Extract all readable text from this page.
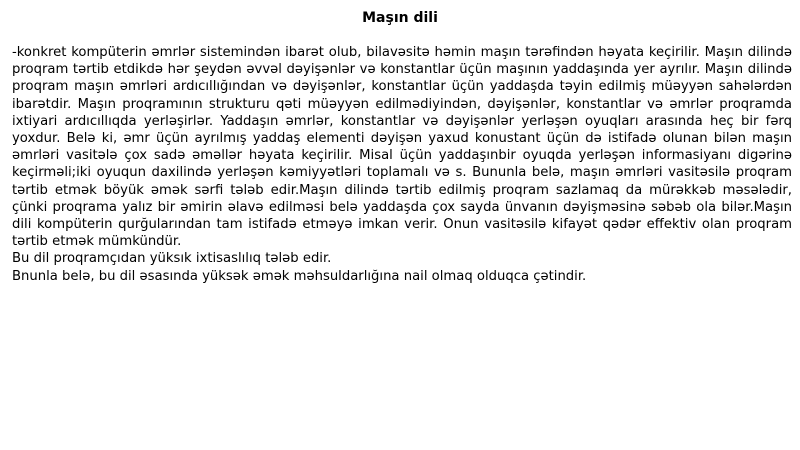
Maşın dili

-konkret kompüterin əmrlər sistemindən ibarət olub, bilavəsitə həmin maşın tərəfindən həyata keçirilir. Maşın dilində proqram tərtib etdikdə hər şeydən əvvəl dəyişənlər və konstantlar üçün maşının yaddaşında yer ayrılır. Maşın dilində proqram maşın əmrləri ardıcıllığından və dəyişənlər, konstantlar üçün yaddaşda təyin edilmiş müəyyən sahələrdən ibarətdir. Maşın proqramının strukturu qəti müəyyən edilmədiyindən, dəyişənlər, konstantlar və əmrlər proqramda ixtiyari ardıcıllıqda yerləşirlər. Yaddaşın əmrlər, konstantlar və dəyişənlər yerləşən oyuqları arasında heç bir fərq yoxdur. Belə ki, əmr üçün ayrılmış yaddaş elementi dəyişən yaxud konustant üçün də istifadə olunan bilən maşın əmrləri vasitələ çox sadə əməllər həyata keçirilir. Misal üçün yaddaşınbir oyuqda yerləşən informasiyanı digərinə keçirməli;iki oyuqun daxilində yerləşən kəmiyyətləri toplamalı və s. Bununla belə, maşın əmrləri vasitəsilə proqram tərtib etmək böyük əmək sərfi tələb edir.Maşın dilində tərtib edilmiş proqram sazlamaq da mürəkkəb məsələdir, çünki proqrama yalız bir əmirin əlavə edilməsi belə yaddaşda çox sayda ünvanın dəyişməsinə səbəb ola bilər.Maşın dili kompüterin qurğularından tam istifadə etməyə imkan verir. Onun vasitəsilə kifayət qədər effektiv olan proqram tərtib etmək mümkündür.

Bu dil proqramçıdan yüksık ixtisaslılıq tələb edir.

Bnunla belə, bu dil əsasında yüksək əmək məhsuldarlığına nail olmaq olduqca çətindir.
